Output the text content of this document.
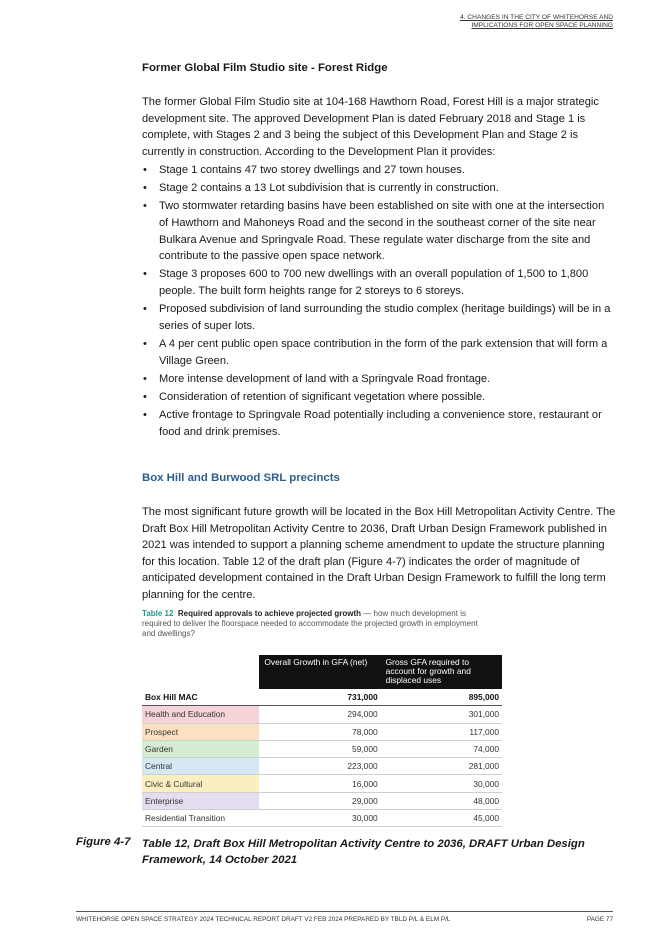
4. CHANGES IN THE CITY OF WHITEHORSE AND
IMPLICATIONS FOR OPEN SPACE PLANNING
Former Global Film Studio site - Forest Ridge
The former Global Film Studio site at 104-168 Hawthorn Road, Forest Hill is a major strategic development site. The approved Development Plan is dated February 2018 and Stage 1 is complete, with Stages 2 and 3 being the subject of this Development Plan and Stage 2 is currently in construction. According to the Development Plan it provides:
• Stage 1 contains 47 two storey dwellings and 27 town houses.
• Stage 2 contains a 13 Lot subdivision that is currently in construction.
• Two stormwater retarding basins have been established on site with one at the intersection of Hawthorn and Mahoneys Road and the second in the southeast corner of the site near Bulkara Avenue and Springvale Road. These regulate water discharge from the site and contribute to the passive open space network.
• Stage 3 proposes 600 to 700 new dwellings with an overall population of 1,500 to 1,800 people. The built form heights range for 2 storeys to 6 storeys.
• Proposed subdivision of land surrounding the studio complex (heritage buildings) will be in a series of super lots.
• A 4 per cent public open space contribution in the form of the park extension that will form a Village Green.
• More intense development of land with a Springvale Road frontage.
• Consideration of retention of significant vegetation where possible.
• Active frontage to Springvale Road potentially including a convenience store, restaurant or food and drink premises.
Box Hill and Burwood SRL precincts
The most significant future growth will be located in the Box Hill Metropolitan Activity Centre. The Draft Box Hill Metropolitan Activity Centre to 2036, Draft Urban Design Framework published in 2021 was intended to support a planning scheme amendment to update the structure planning for this location. Table 12 of the draft plan (Figure 4-7) indicates the order of magnitude of anticipated development contained in the Draft Urban Design Framework to fulfill the long term planning for the centre.
Table 12 Required approvals to achieve projected growth — how much development is required to deliver the floorspace needed to accommodate the projected growth in employment and dwellings?
	Overall Growth in GFA (net)	Gross GFA required to account for growth and displaced uses
Box Hill MAC	731,000	895,000
Health and Education	294,000	301,000
Prospect	78,000	117,000
Garden	59,000	74,000
Central	223,000	281,000
Civic & Cultural	16,000	30,000
Enterprise	29,000	48,000
Residential Transition	30,000	45,000
Figure 4-7 Table 12, Draft Box Hill Metropolitan Activity Centre to 2036, DRAFT Urban Design Framework, 14 October 2021
WHITEHORSE OPEN SPACE STRATEGY 2024 TECHNICAL REPORT DRAFT V2 FEB 2024 PREPARED BY TBLD P/L & ELM P/L	PAGE 77
